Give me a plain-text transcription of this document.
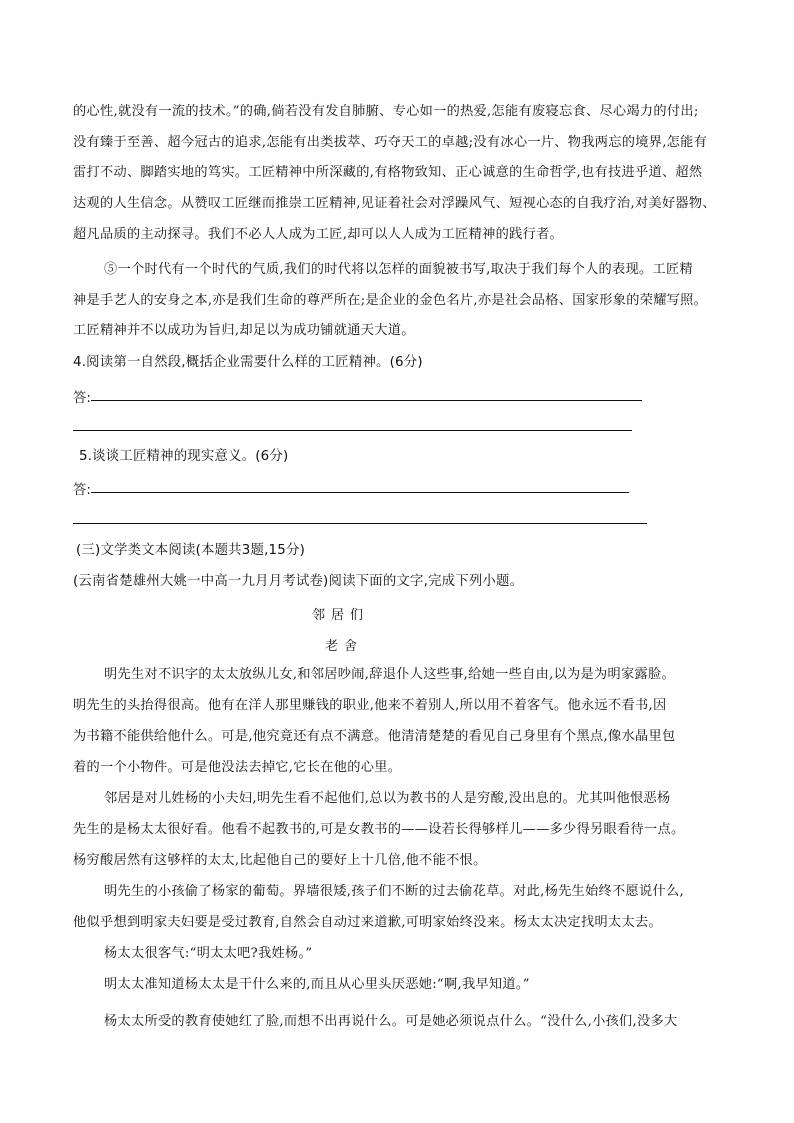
的心性,就没有一流的技术。”的确,倘若没有发自肺腑、专心如一的热爱,怎能有废寝忘食、尽心竭力的付出;
没有臻于至善、超今冠古的追求,怎能有出类拔萃、巧夺天工的卓越;没有冰心一片、物我两忘的境界,怎能有
雷打不动、脚踏实地的笃实。工匠精神中所深藏的,有格物致知、正心诚意的生命哲学,也有技进乎道、超然
达观的人生信念。从赞叹工匠继而推崇工匠精神,见证着社会对浮躁风气、短视心态的自我疗治,对美好器物、
超凡品质的主动探寻。我们不必人人成为工匠,却可以人人成为工匠精神的践行者。
⑤一个时代有一个时代的气质,我们的时代将以怎样的面貌被书写,取决于我们每个人的表现。工匠精
神是手艺人的安身之本,亦是我们生命的尊严所在;是企业的金色名片,亦是社会品格、国家形象的荣耀写照。
工匠精神并不以成功为旨归,却足以为成功铺就通天大道。
4.阅读第一自然段,概括企业需要什么样的工匠精神。(6分)
答:
5.谈谈工匠精神的现实意义。(6分)
答:
(三)文学类文本阅读(本题共3题,15分)
(云南省楚雄州大姚一中高一九月月考试卷)阅读下面的文字,完成下列小题。
邻居们
老舍
明先生对不识字的太太放纵儿女,和邻居吵闹,辞退仆人这些事,给她一些自由,以为是为明家露脸。
明先生的头抬得很高。他有在洋人那里赚钱的职业,他来不着别人,所以用不着客气。他永远不看书,因
为书籍不能供给他什么。可是,他究竟还有点不满意。他清清楚楚的看见自己身里有个黑点,像水晶里包
着的一个小物件。可是他没法去掉它,它长在他的心里。
邻居是对儿姓杨的小夫妇,明先生看不起他们,总以为教书的人是穷酸,没出息的。尤其叫他恨恶杨
先生的是杨太太很好看。他看不起教书的,可是女教书的——设若长得够样儿——多少得另眼看待一点。
杨穷酸居然有这够样的太太,比起他自己的要好上十几倍,他不能不恨。
明先生的小孩偷了杨家的葡萄。界墙很矮,孩子们不断的过去偷花草。对此,杨先生始终不愿说什么,
他似乎想到明家夫妇要是受过教育,自然会自动过来道歉,可明家始终没来。杨太太决定找明太太去。
杨太太很客气:“明太太吧?我姓杨。”
明太太准知道杨太太是干什么来的,而且从心里头厌恶她:“啊,我早知道。”
杨太太所受的教育使她红了脸,而想不出再说什么。可是她必须说点什么。“没什么,小孩们,没多大
